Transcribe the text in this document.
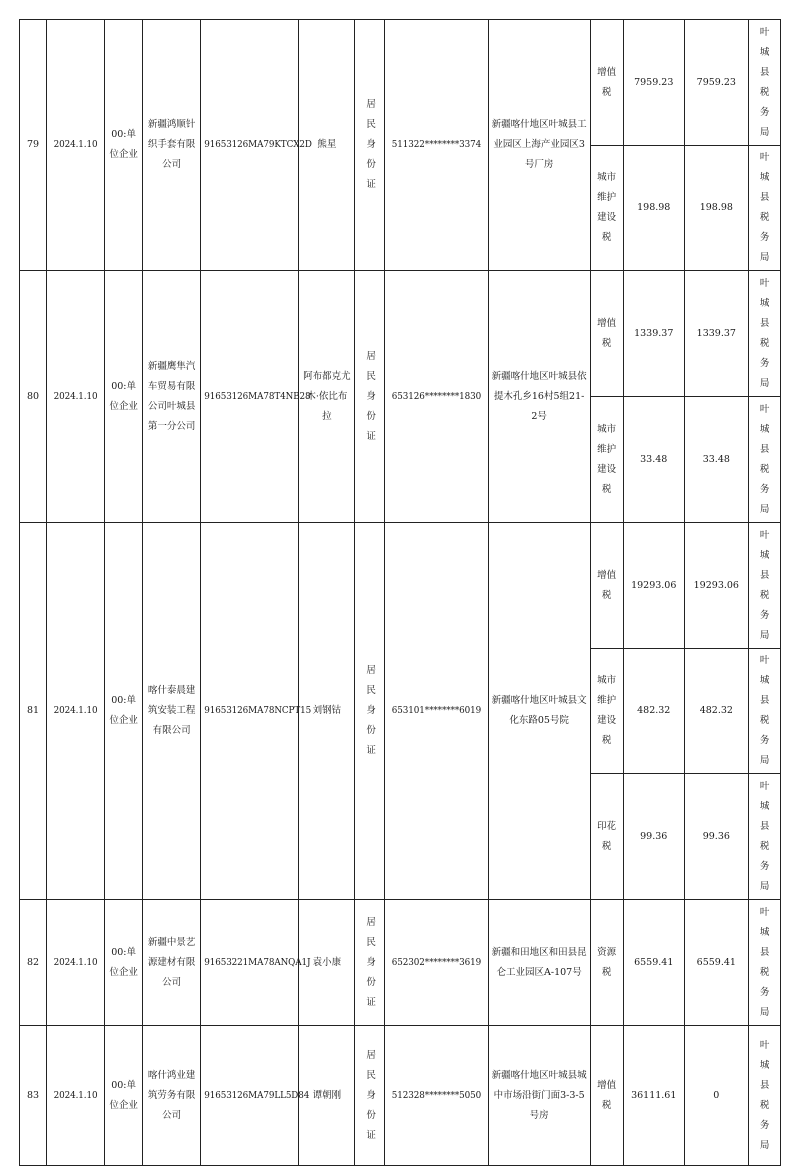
79	2024.1.10	00:单位企业	新疆鸿顺针织手套有限公司	91653126MA79KTCX2D	熊星	居民身份证	511322********3374	新疆喀什地区叶城县工业园区上海产业园区3号厂房	增值税	7959.23	7959.23	叶城县税务局
									城市维护建设税	198.98	198.98	叶城县税务局
80	2024.1.10	00:单位企业	新疆鹰隼汽车贸易有限公司叶城县第一分公司	91653126MA78T4NB28	阿布都克尤木·依比布拉	居民身份证	653126********1830	新疆喀什地区叶城县依提木孔乡16村5组21-2号	增值税	1339.37	1339.37	叶城县税务局
									城市维护建设税	33.48	33.48	叶城县税务局
81	2024.1.10	00:单位企业	喀什泰晨建筑安装工程有限公司	91653126MA78NCPT15	刘钢钴	居民身份证	653101********6019	新疆喀什地区叶城县文化东路05号院	增值税	19293.06	19293.06	叶城县税务局
									城市维护建设税	482.32	482.32	叶城县税务局
									印花税	99.36	99.36	叶城县税务局
82	2024.1.10	00:单位企业	新疆中景艺源建材有限公司	91653221MA78ANQA1J	袁小康	居民身份证	652302********3619	新疆和田地区和田县昆仑工业园区A-107号	资源税	6559.41	6559.41	叶城县税务局
83	2024.1.10	00:单位企业	喀什鸿业建筑劳务有限公司	91653126MA79LL5D84	谭朝刚	居民身份证	512328********5050	新疆喀什地区叶城县城中市场沿街门面3-3-5号房	增值税	36111.61	0	叶城县税务局
